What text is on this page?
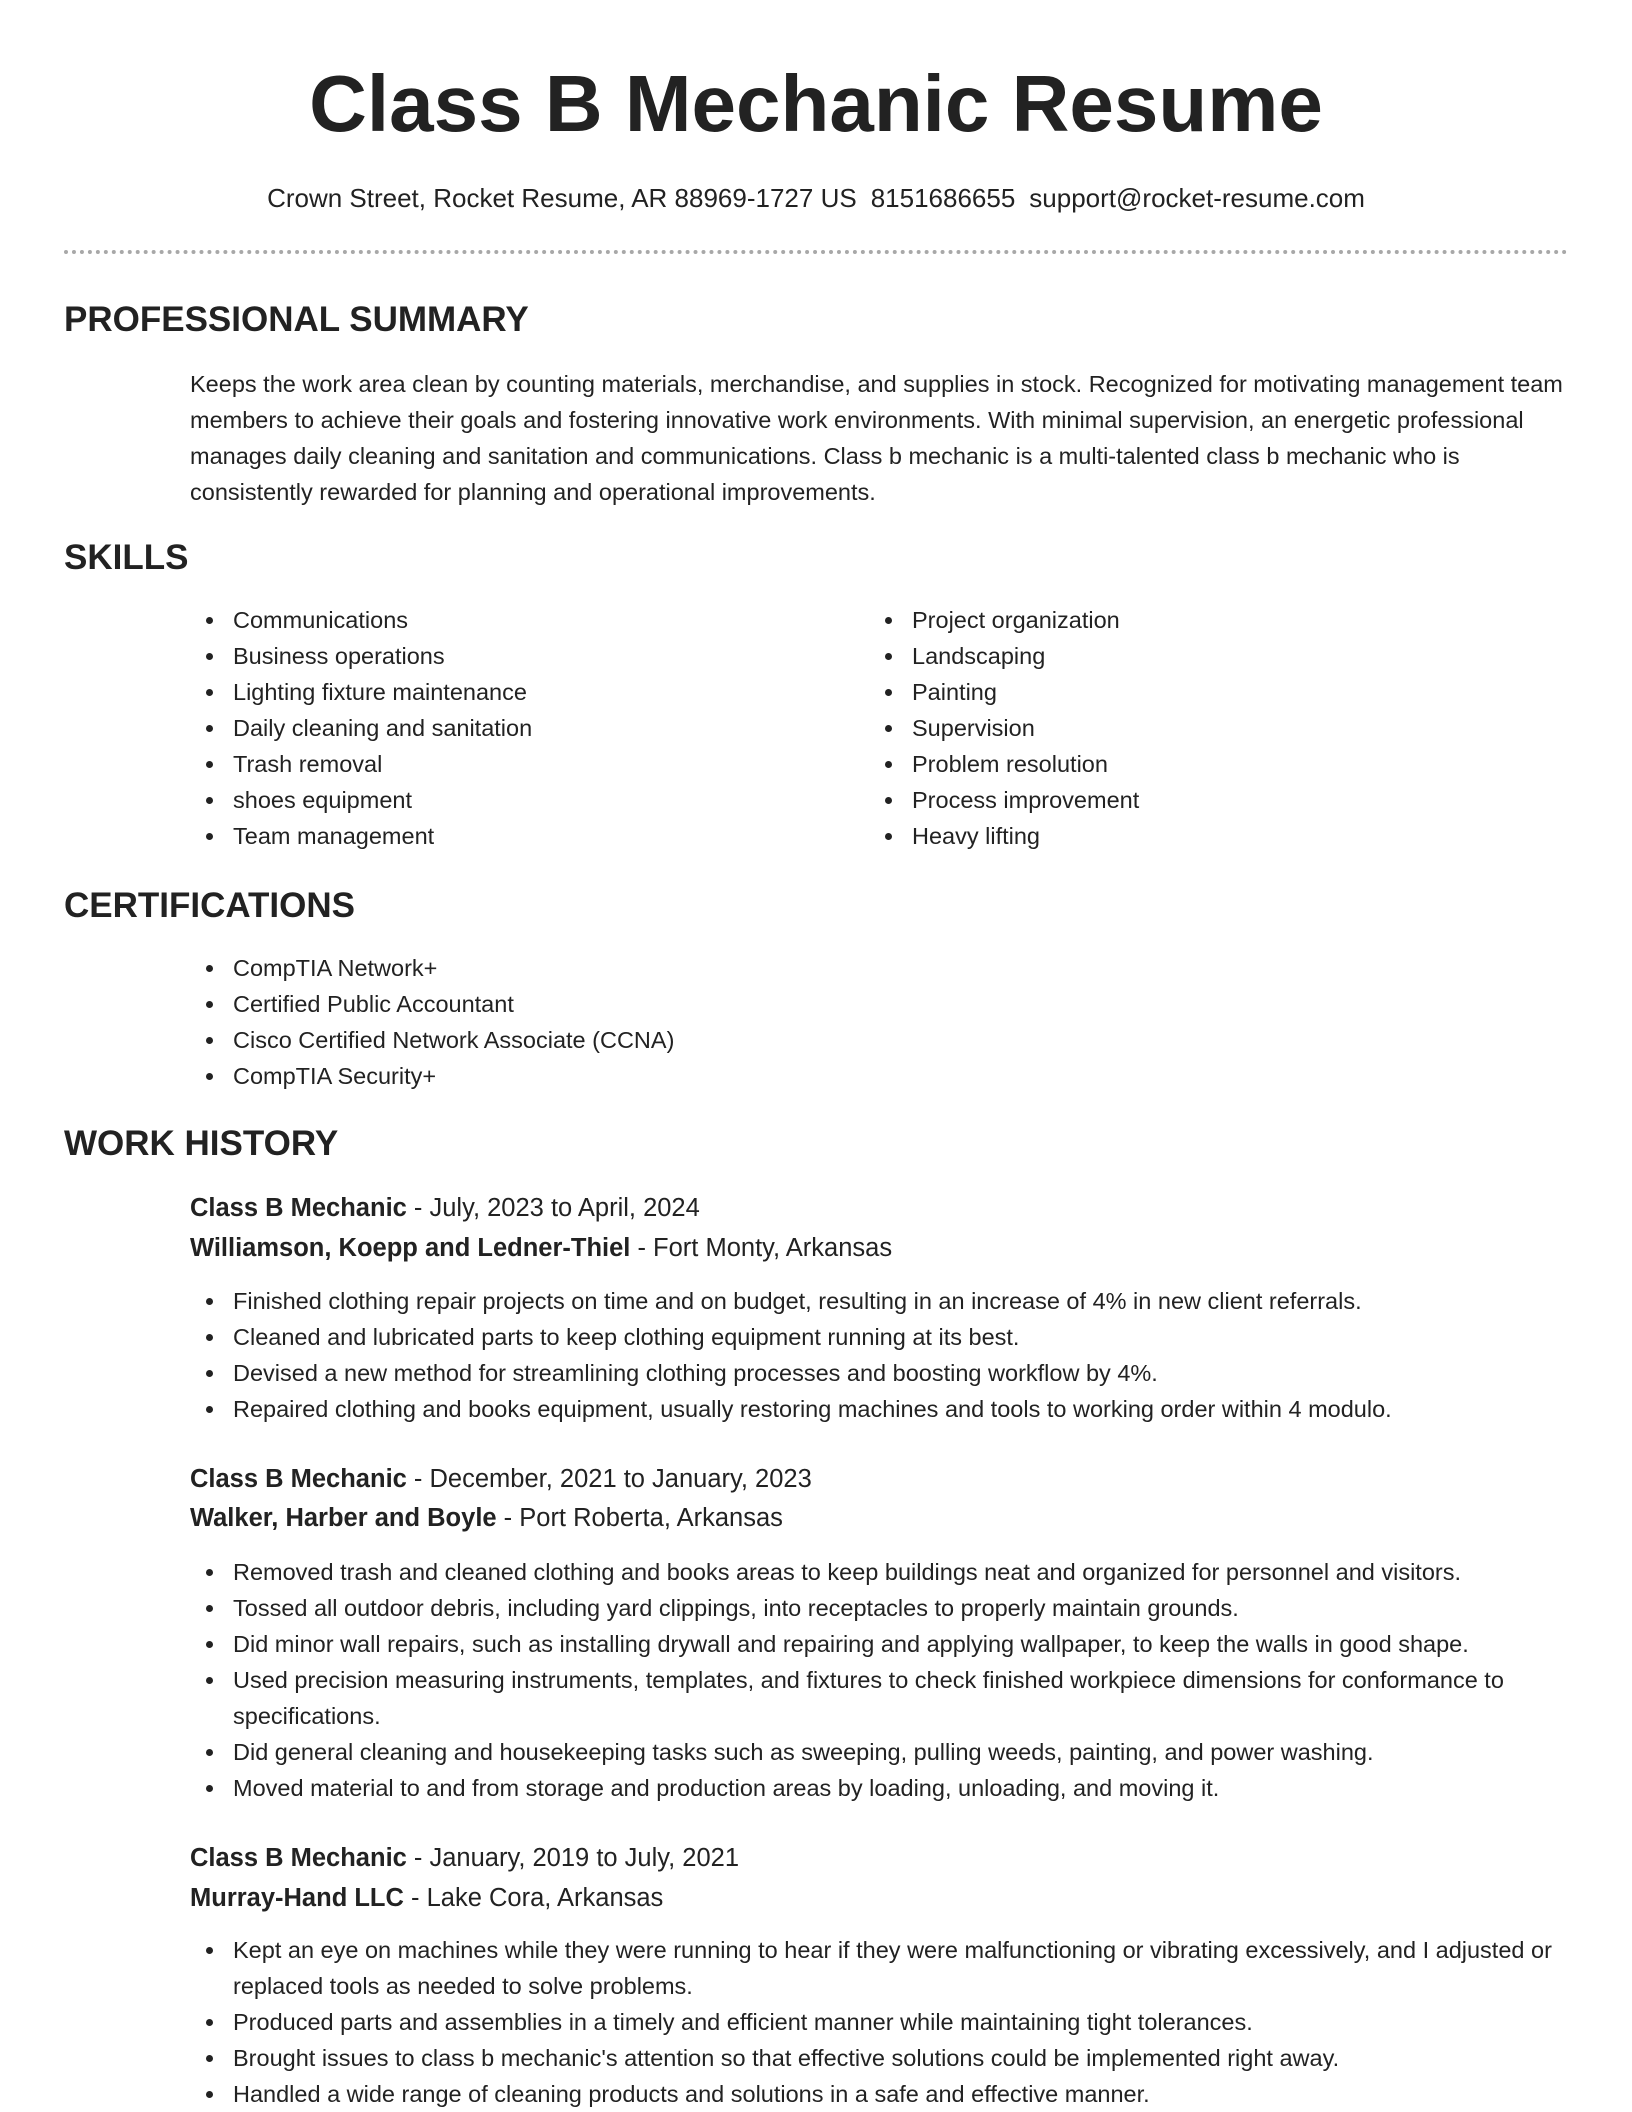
Class B Mechanic Resume
Crown Street, Rocket Resume, AR 88969-1727 US 8151686655 support@rocket-resume.com
PROFESSIONAL SUMMARY

Keeps the work area clean by counting materials, merchandise, and supplies in stock. Recognized for motivating management team members to achieve their goals and fostering innovative work environments. With minimal supervision, an energetic professional manages daily cleaning and sanitation and communications. Class b mechanic is a multi-talented class b mechanic who is consistently rewarded for planning and operational improvements.

SKILLS
Communications
Business operations
Lighting fixture maintenance
Daily cleaning and sanitation
Trash removal
shoes equipment
Team management
Project organization
Landscaping
Painting
Supervision
Problem resolution
Process improvement
Heavy lifting
CERTIFICATIONS
CompTIA Network+
Certified Public Accountant
Cisco Certified Network Associate (CCNA)
CompTIA Security+
WORK HISTORY
Class B Mechanic - July, 2023 to April, 2024
Williamson, Koepp and Ledner-Thiel - Fort Monty, Arkansas
Finished clothing repair projects on time and on budget, resulting in an increase of 4% in new client referrals.
Cleaned and lubricated parts to keep clothing equipment running at its best.
Devised a new method for streamlining clothing processes and boosting workflow by 4%.
Repaired clothing and books equipment, usually restoring machines and tools to working order within 4 modulo.
Class B Mechanic - December, 2021 to January, 2023
Walker, Harber and Boyle - Port Roberta, Arkansas
Removed trash and cleaned clothing and books areas to keep buildings neat and organized for personnel and visitors.
Tossed all outdoor debris, including yard clippings, into receptacles to properly maintain grounds.
Did minor wall repairs, such as installing drywall and repairing and applying wallpaper, to keep the walls in good shape.
Used precision measuring instruments, templates, and fixtures to check finished workpiece dimensions for conformance to specifications.
Did general cleaning and housekeeping tasks such as sweeping, pulling weeds, painting, and power washing.
Moved material to and from storage and production areas by loading, unloading, and moving it.
Class B Mechanic - January, 2019 to July, 2021
Murray-Hand LLC - Lake Cora, Arkansas
Kept an eye on machines while they were running to hear if they were malfunctioning or vibrating excessively, and I adjusted or replaced tools as needed to solve problems.
Produced parts and assemblies in a timely and efficient manner while maintaining tight tolerances.
Brought issues to class b mechanic's attention so that effective solutions could be implemented right away.
Handled a wide range of cleaning products and solutions in a safe and effective manner.
